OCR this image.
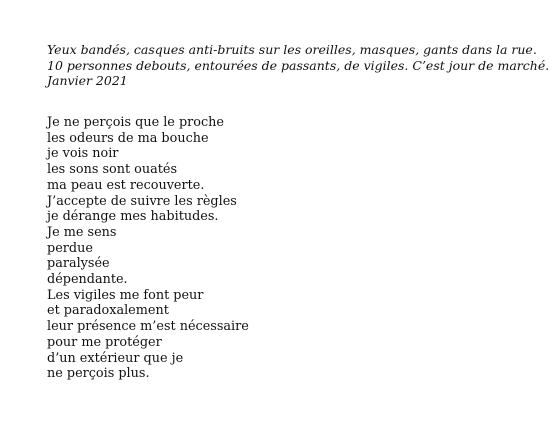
Yeux bandés, casques anti-bruits sur les oreilles, masques, gants dans la rue.
10 personnes debouts, entourées de passants, de vigiles. C’est jour de marché.
Janvier 2021
Je ne perçois que le proche
les odeurs de ma bouche
je vois noir
les sons sont ouatés
ma peau est recouverte.
J’accepte de suivre les règles
je dérange mes habitudes.
Je me sens
perdue
paralysée
dépendante.
Les vigiles me font peur
et paradoxalement
leur présence m’est nécessaire
pour me protéger
d’un extérieur que je
ne perçois plus.
